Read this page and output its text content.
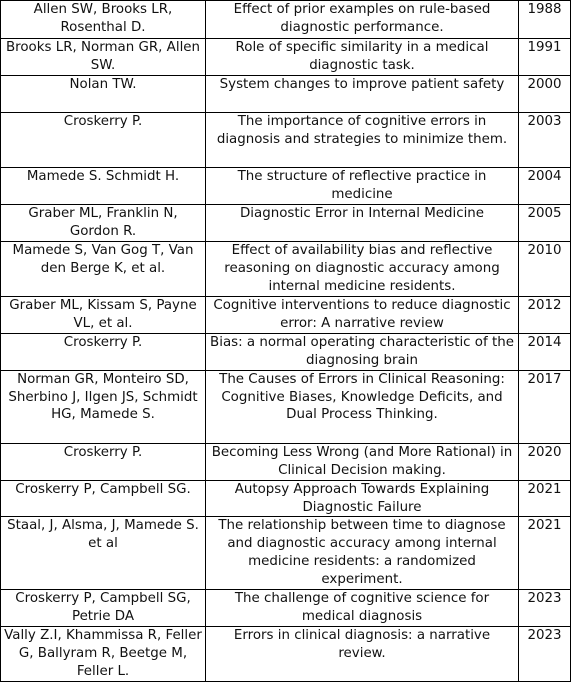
Allen SW, Brooks LR, Rosenthal D.	Effect of prior examples on rule-based diagnostic performance.	1988
Brooks LR, Norman GR, Allen SW.	Role of specific similarity in a medical diagnostic task.	1991
Nolan TW.	System changes to improve patient safety	2000
Croskerry P.	The importance of cognitive errors in diagnosis and strategies to minimize them.	2003
Mamede S. Schmidt H.	The structure of reflective practice in medicine	2004
Graber ML, Franklin N, Gordon R.	Diagnostic Error in Internal Medicine	2005
Mamede S, Van Gog T, Van den Berge K, et al.	Effect of availability bias and reflective reasoning on diagnostic accuracy among internal medicine residents.	2010
Graber ML, Kissam S, Payne VL, et al.	Cognitive interventions to reduce diagnostic error: A narrative review	2012
Croskerry P.	Bias: a normal operating characteristic of the diagnosing brain	2014
Norman GR, Monteiro SD, Sherbino J, Ilgen JS, Schmidt HG, Mamede S.	The Causes of Errors in Clinical Reasoning: Cognitive Biases, Knowledge Deficits, and Dual Process Thinking.	2017
Croskerry P.	Becoming Less Wrong (and More Rational) in Clinical Decision making.	2020
Croskerry P, Campbell SG.	Autopsy Approach Towards Explaining Diagnostic Failure	2021
Staal, J, Alsma, J, Mamede S. et al	The relationship between time to diagnose and diagnostic accuracy among internal medicine residents: a randomized experiment.	2021
Croskerry P, Campbell SG, Petrie DA	The challenge of cognitive science for medical diagnosis	2023
Vally Z.I, Khammissa R, Feller G, Ballyram R, Beetge M, Feller L.	Errors in clinical diagnosis: a narrative review.	2023
